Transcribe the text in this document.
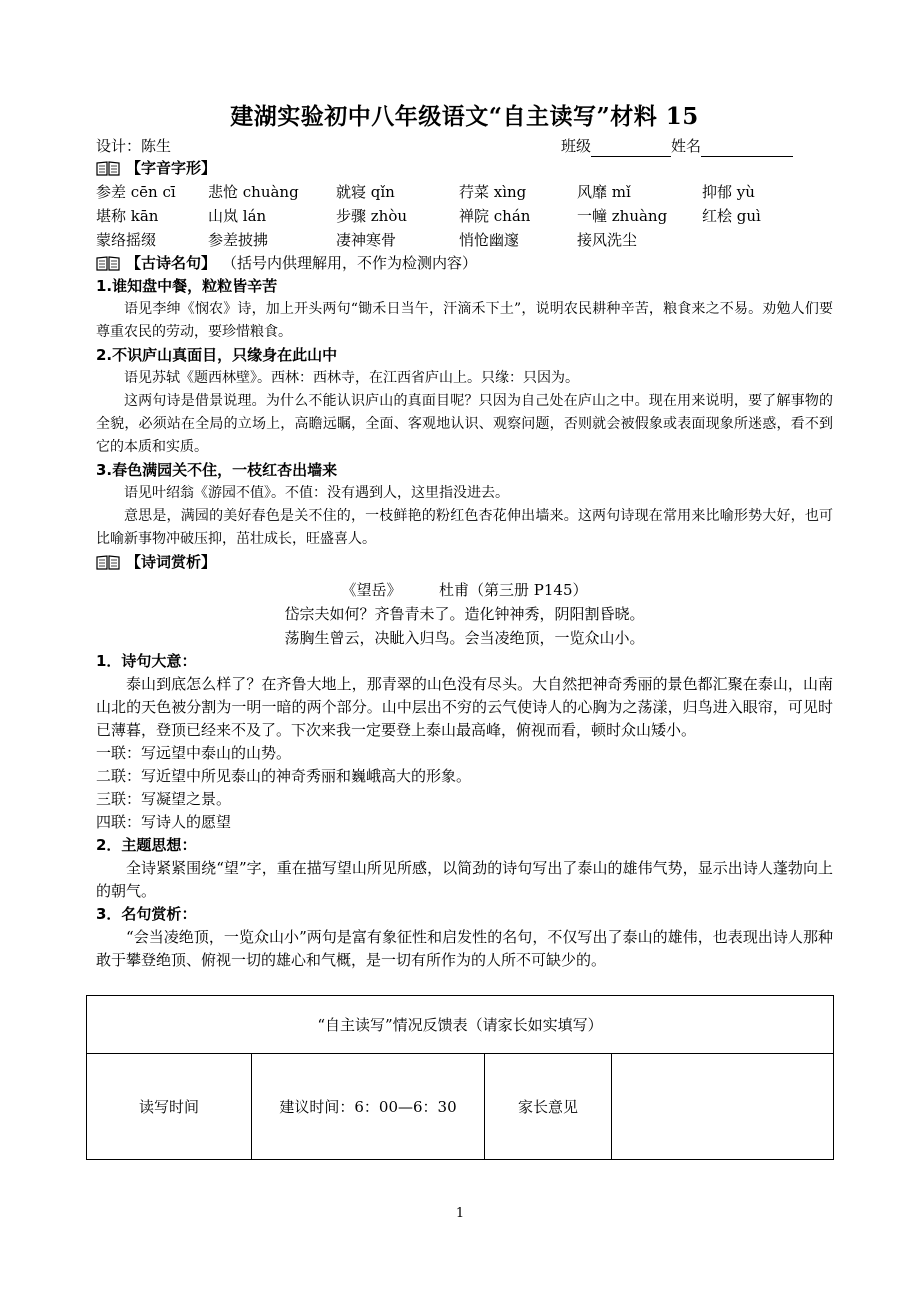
建湖实验初中八年级语文“自主读写”材料 15
设计：陈生	班级	姓名
【字音字形】
参差 cēn cī	悲怆 chuàng	就寝 qǐn	荇菜 xìng	风靡 mǐ	抑郁 yù
堪称 kān	山岚 lán	步骤 zhòu	禅院 chán	一幢 zhuàng	红桧 guì
蒙络摇缀	参差披拂	凄神寒骨	悄怆幽邃	接风洗尘
【古诗名句】 （括号内供理解用，不作为检测内容）
1.谁知盘中餐，粒粒皆辛苦

语见李绅《悯农》诗，加上开头两句“锄禾日当午，汗滴禾下土”，说明农民耕种辛苦，粮食来之不易。劝勉人们要尊重农民的劳动，要珍惜粮食。

2.不识庐山真面目，只缘身在此山中

语见苏轼《题西林壁》。西林：西林寺，在江西省庐山上。只缘：只因为。

这两句诗是借景说理。为什么不能认识庐山的真面目呢？只因为自己处在庐山之中。现在用来说明，要了解事物的全貌，必须站在全局的立场上，高瞻远瞩，全面、客观地认识、观察问题，否则就会被假象或表面现象所迷惑，看不到它的本质和实质。

3.春色满园关不住，一枝红杏出墙来

语见叶绍翁《游园不值》。不值：没有遇到人，这里指没进去。

意思是，满园的美好春色是关不住的，一枝鲜艳的粉红色杏花伸出墙来。这两句诗现在常用来比喻形势大好，也可比喻新事物冲破压抑，茁壮成长，旺盛喜人。

【诗词赏析】
《望岳》	杜甫（第三册 P145）
岱宗夫如何？齐鲁青未了。造化钟神秀，阴阳割昏晓。
荡胸生曾云，决眦入归鸟。会当凌绝顶，一览众山小。
1．诗句大意：

泰山到底怎么样了？在齐鲁大地上，那青翠的山色没有尽头。大自然把神奇秀丽的景色都汇聚在泰山，山南山北的天色被分割为一明一暗的两个部分。山中层出不穷的云气使诗人的心胸为之荡漾，归鸟进入眼帘，可见时已薄暮，登顶已经来不及了。下次来我一定要登上泰山最高峰，俯视而看，顿时众山矮小。

一联：写远望中泰山的山势。

二联：写近望中所见泰山的神奇秀丽和巍峨高大的形象。

三联：写凝望之景。

四联：写诗人的愿望

2．主题思想：

全诗紧紧围绕“望”字，重在描写望山所见所感，以简劲的诗句写出了泰山的雄伟气势，显示出诗人蓬勃向上的朝气。

3．名句赏析：

“会当凌绝顶，一览众山小”两句是富有象征性和启发性的名句，不仅写出了泰山的雄伟，也表现出诗人那种敢于攀登绝顶、俯视一切的雄心和气概，是一切有所作为的人所不可缺少的。

“自主读写”情况反馈表（请家长如实填写）
读写时间	建议时间：6：00—6：30	家长意见	
1
